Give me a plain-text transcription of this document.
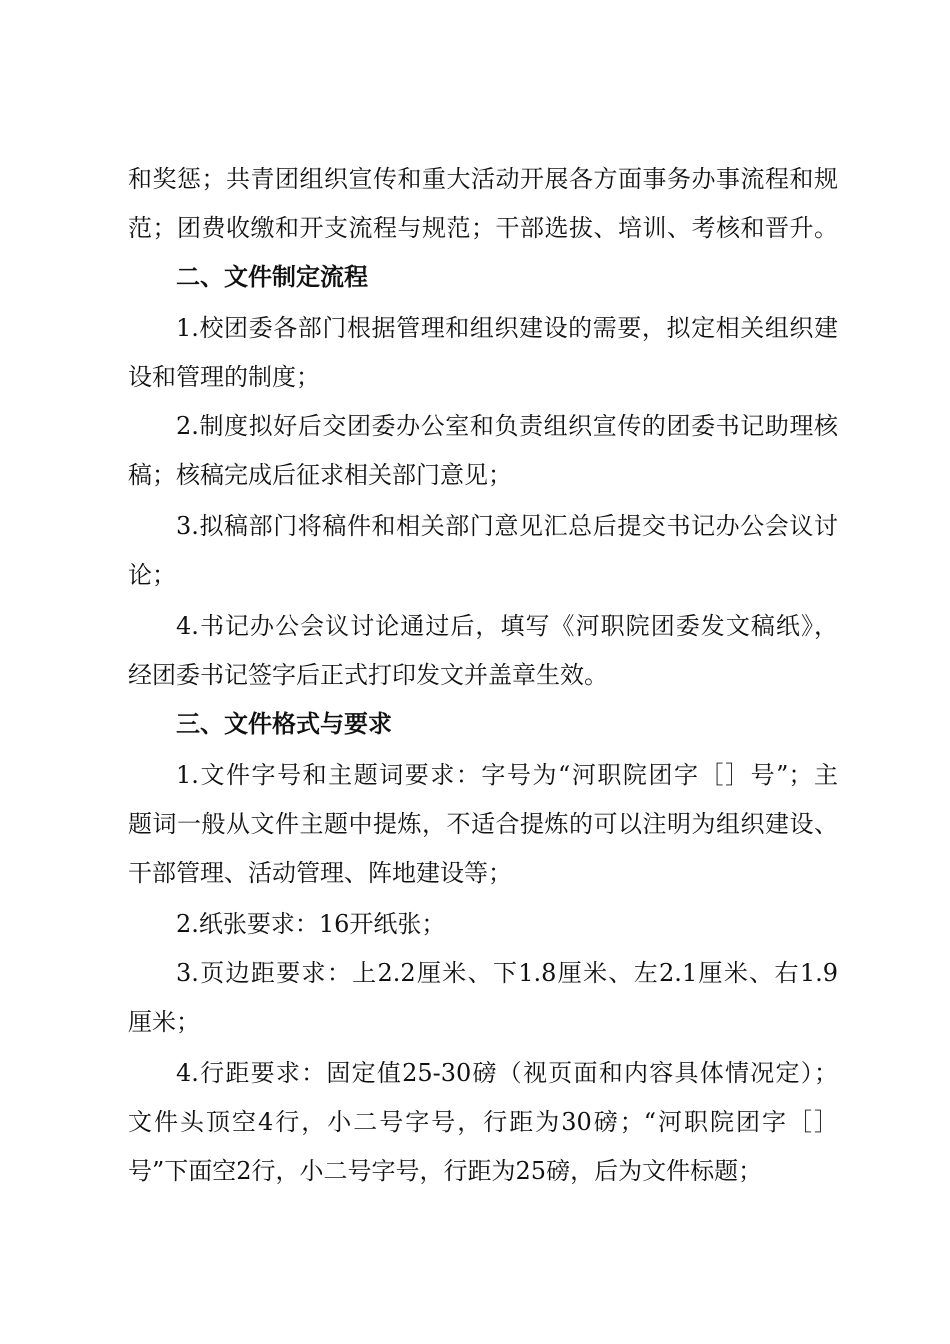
和奖惩；共青团组织宣传和重大活动开展各方面事务办事流程和规
范；团费收缴和开支流程与规范；干部选拔、培训、考核和晋升。
二、文件制定流程
1.校团委各部门根据管理和组织建设的需要，拟定相关组织建
设和管理的制度；
2.制度拟好后交团委办公室和负责组织宣传的团委书记助理核
稿；核稿完成后征求相关部门意见；
3.拟稿部门将稿件和相关部门意见汇总后提交书记办公会议讨
论；
4.书记办公会议讨论通过后，填写《河职院团委发文稿纸》，
经团委书记签字后正式打印发文并盖章生效。
三、文件格式与要求
1.文件字号和主题词要求：字号为“河职院团字［］号”；主
题词一般从文件主题中提炼，不适合提炼的可以注明为组织建设、
干部管理、活动管理、阵地建设等；
2.纸张要求：16开纸张；
3.页边距要求：上2.2厘米、下1.8厘米、左2.1厘米、右1.9
厘米；
4.行距要求：固定值25-30磅（视页面和内容具体情况定）；
文件头顶空4行，小二号字号，行距为30磅；“河职院团字［］
号”下面空2行，小二号字号，行距为25磅，后为文件标题；
